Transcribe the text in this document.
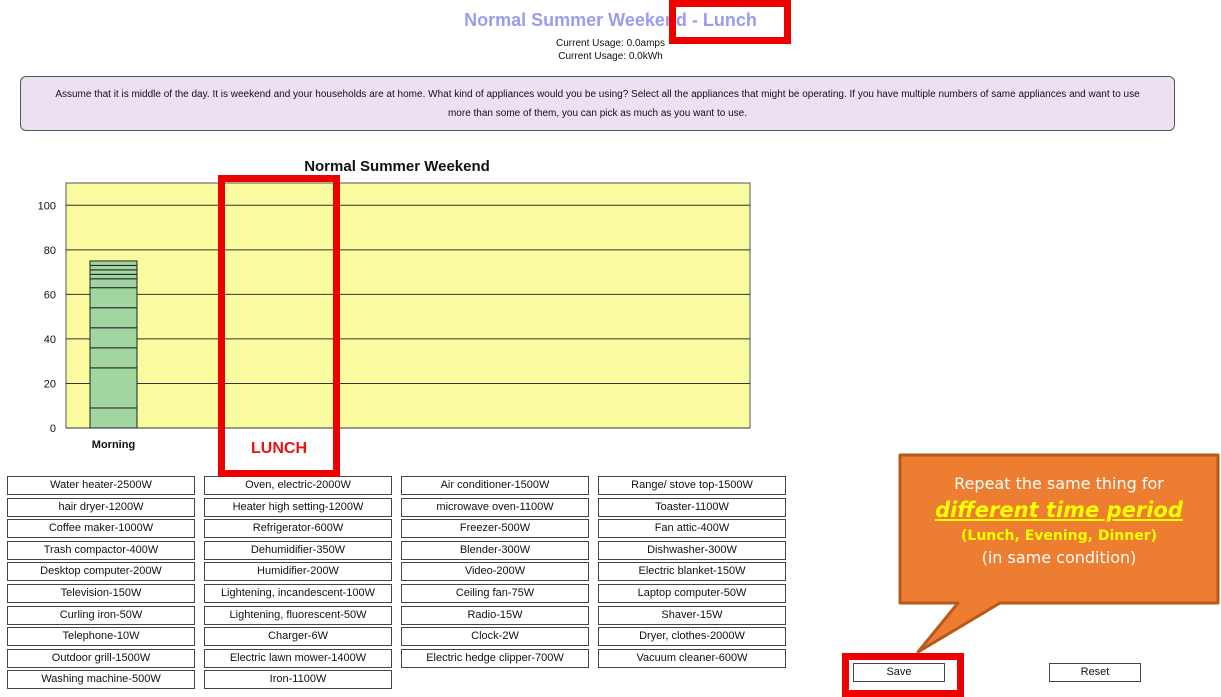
Normal Summer Weekend - Lunch
Current Usage: 0.0amps
Current Usage: 0.0kWh
Assume that it is middle of the day. It is weekend and your households are at home. What kind of appliances would you be using? Select all the appliances that might be operating. If you have multiple numbers of same appliances and want to use more than some of them, you can pick as much as you want to use.
Normal Summer Weekend
0
20
40
60
80
100
Morning
Water heater-2500W
hair dryer-1200W
Coffee maker-1000W
Trash compactor-400W
Desktop computer-200W
Television-150W
Curling iron-50W
Telephone-10W
Outdoor grill-1500W
Washing machine-500W
Oven, electric-2000W
Heater high setting-1200W
Refrigerator-600W
Dehumidifier-350W
Humidifier-200W
Lightening, incandescent-100W
Lightening, fluorescent-50W
Charger-6W
Electric lawn mower-1400W
Iron-1100W
Air conditioner-1500W
microwave oven-1100W
Freezer-500W
Blender-300W
Video-200W
Ceiling fan-75W
Radio-15W
Clock-2W
Electric hedge clipper-700W
Range/ stove top-1500W
Toaster-1100W
Fan attic-400W
Dishwasher-300W
Electric blanket-150W
Laptop computer-50W
Shaver-15W
Dryer, clothes-2000W
Vacuum cleaner-600W
Save	Reset
LUNCH
Repeat the same thing for
different time period
(Lunch, Evening, Dinner)
(in same condition)
